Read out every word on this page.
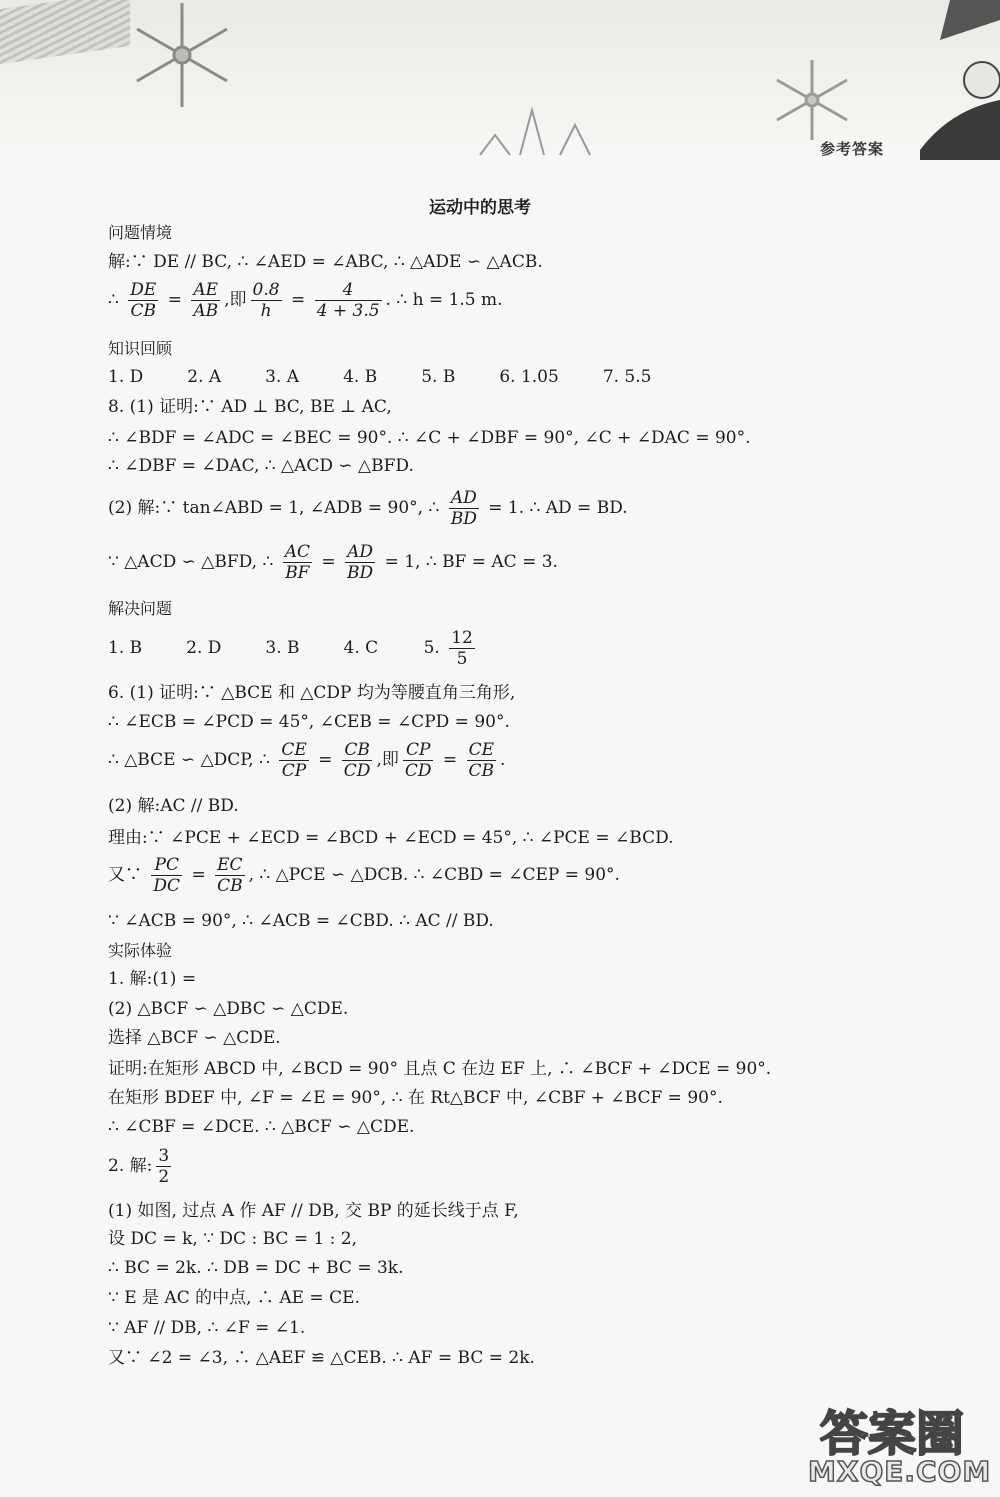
参考答案
运动中的思考
问题情境
解:∵ DE // BC, ∴ ∠AED = ∠ABC, ∴ △ADE ∽ △ACB.
∴ $\frac{DE}{CB} = \frac{AE}{AB}$ ,即 $\frac{0.8}{h} = \frac{4}{4 + 3.5}$ . ∴ h = 1.5 m.
知识回顾
1. D	2. A	3. A	4. B	5. B	6. 1.05	7. 5.5
8. (1) 证明:∵ AD ⊥ BC, BE ⊥ AC,
∴ ∠BDF = ∠ADC = ∠BEC = 90°. ∴ ∠C + ∠DBF = 90°, ∠C + ∠DAC = 90°.
∴ ∠DBF = ∠DAC, ∴ △ACD ∽ △BFD.
(2) 解:∵ tan∠ABD = 1, ∠ADB = 90°, ∴ $\frac{AD}{BD} = 1$. ∴ AD = BD.
∵ △ACD ∽ △BFD, ∴ $\frac{AC}{BF} = \frac{AD}{BD} = 1$, ∴ BF = AC = 3.
解决问题
1. B	2. D	3. B	4. C	5. $\frac{12}{5}$
6. (1) 证明:∵ △BCE 和 △CDP 均为等腰直角三角形,
∴ ∠ECB = ∠PCD = 45°, ∠CEB = ∠CPD = 90°.
∴ △BCE ∽ △DCP, ∴ $\frac{CE}{CP} = \frac{CB}{CD}$ ,即 $\frac{CP}{CD} = \frac{CE}{CB}$ .
(2) 解:AC // BD.
理由:∵ ∠PCE + ∠ECD = ∠BCD + ∠ECD = 45°, ∴ ∠PCE = ∠BCD.
又∵ $\frac{PC}{DC} = \frac{EC}{CB}$ , ∴ △PCE ∽ △DCB. ∴ ∠CBD = ∠CEP = 90°.
∵ ∠ACB = 90°, ∴ ∠ACB = ∠CBD. ∴ AC // BD.
实际体验
1. 解:(1) =
(2) △BCF ∽ △DBC ∽ △CDE.
选择 △BCF ∽ △CDE.
证明:在矩形 ABCD 中, ∠BCD = 90° 且点 C 在边 EF 上, ∴ ∠BCF + ∠DCE = 90°.
在矩形 BDEF 中, ∠F = ∠E = 90°, ∴ 在 Rt△BCF 中, ∠CBF + ∠BCF = 90°.
∴ ∠CBF = ∠DCE. ∴ △BCF ∽ △CDE.
2. 解: $\frac{3}{2}$
(1) 如图, 过点 A 作 AF // DB, 交 BP 的延长线于点 F,
设 DC = k, ∵ DC : BC = 1 : 2,
∴ BC = 2k. ∴ DB = DC + BC = 3k.
∵ E 是 AC 的中点, ∴ AE = CE.
∵ AF // DB, ∴ ∠F = ∠1.
又∵ ∠2 = ∠3, ∴ △AEF ≌ △CEB. ∴ AF = BC = 2k.
答案圈
MXQE.COM
